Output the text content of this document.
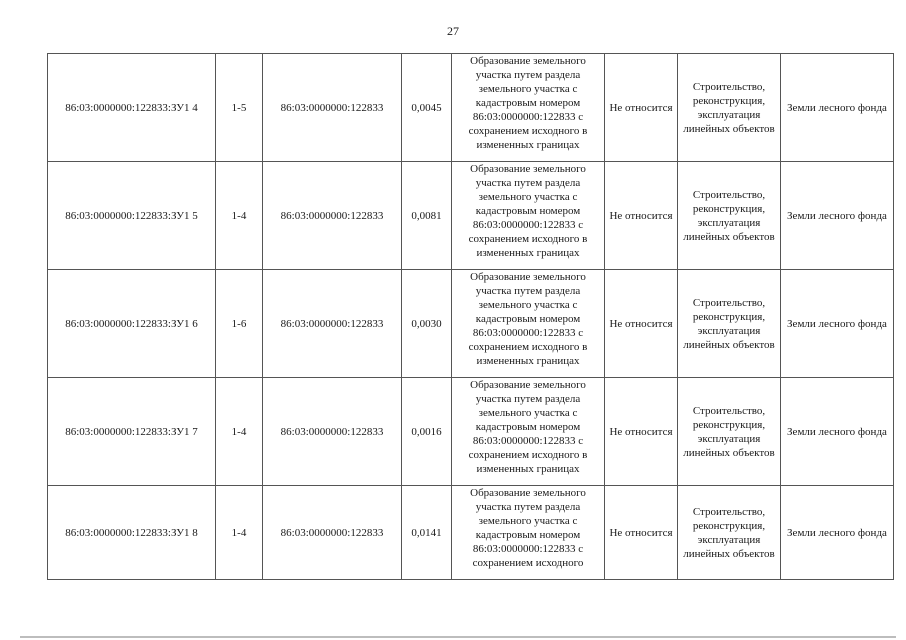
27
86:03:0000000:122833:ЗУ1 4	1-5	86:03:0000000:122833	0,0045	Образование земельного участка путем раздела земельного участка с кадастровым номером 86:03:0000000:122833 с сохранением исходного в измененных границах	Не относится	Строительство, реконструкция, эксплуатация линейных объектов	Земли лесного фонда
86:03:0000000:122833:ЗУ1 5	1-4	86:03:0000000:122833	0,0081	Образование земельного участка путем раздела земельного участка с кадастровым номером 86:03:0000000:122833 с сохранением исходного в измененных границах	Не относится	Строительство, реконструкция, эксплуатация линейных объектов	Земли лесного фонда
86:03:0000000:122833:ЗУ1 6	1-6	86:03:0000000:122833	0,0030	Образование земельного участка путем раздела земельного участка с кадастровым номером 86:03:0000000:122833 с сохранением исходного в измененных границах	Не относится	Строительство, реконструкция, эксплуатация линейных объектов	Земли лесного фонда
86:03:0000000:122833:ЗУ1 7	1-4	86:03:0000000:122833	0,0016	Образование земельного участка путем раздела земельного участка с кадастровым номером 86:03:0000000:122833 с сохранением исходного в измененных границах	Не относится	Строительство, реконструкция, эксплуатация линейных объектов	Земли лесного фонда
86:03:0000000:122833:ЗУ1 8	1-4	86:03:0000000:122833	0,0141	Образование земельного участка путем раздела земельного участка с кадастровым номером 86:03:0000000:122833 с сохранением исходного	Не относится	Строительство, реконструкция, эксплуатация линейных объектов	Земли лесного фонда
